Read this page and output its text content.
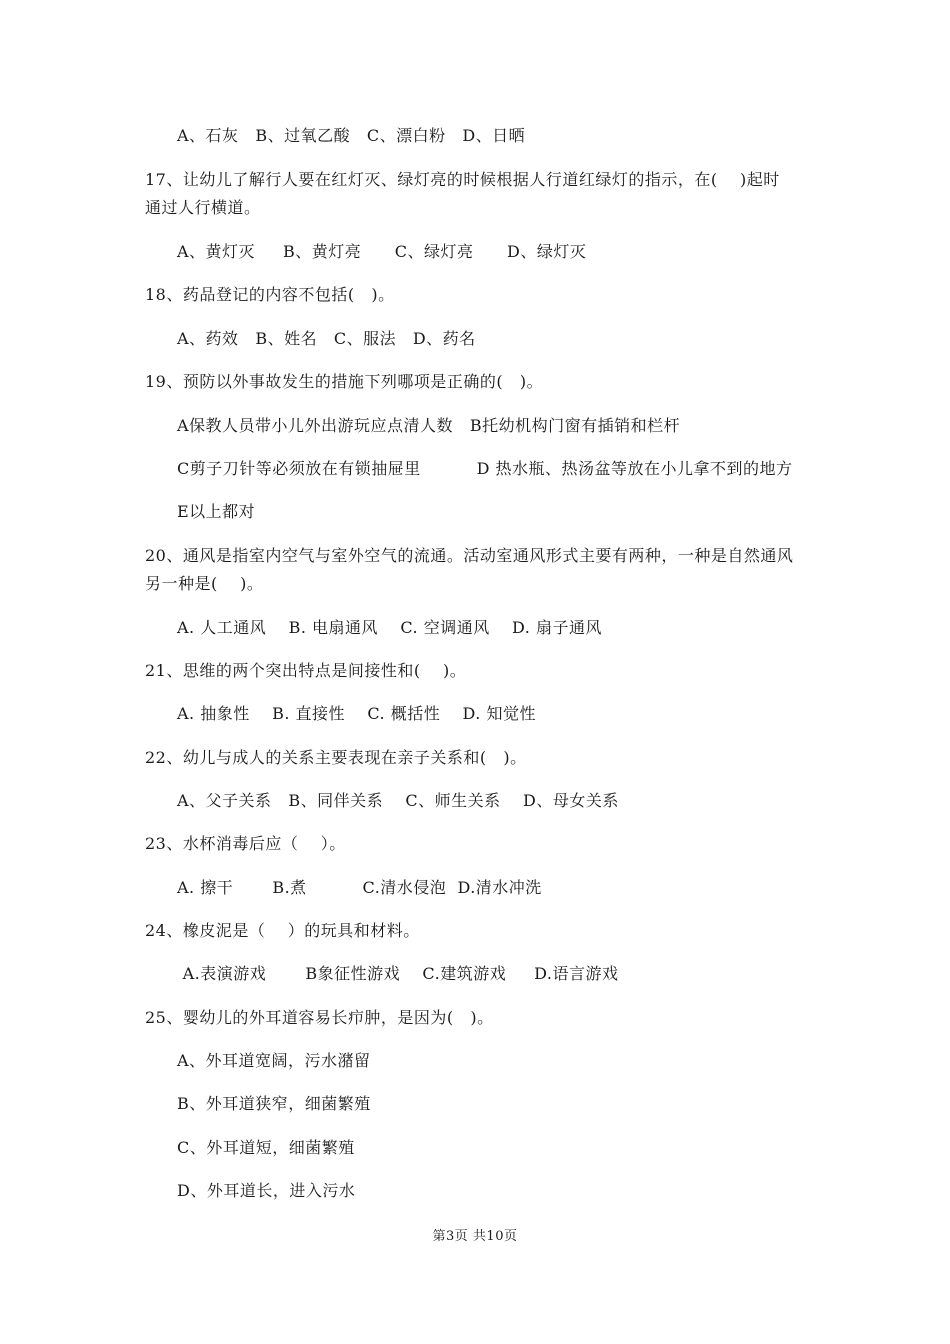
A、石灰   B、过氧乙酸   C、漂白粉   D、日晒
17、让幼儿了解行人要在红灯灭、绿灯亮的时候根据人行道红绿灯的指示，在(    )起时
通过人行横道。
A、黄灯灭     B、黄灯亮      C、绿灯亮      D、绿灯灭
18、药品登记的内容不包括(   )。
A、药效   B、姓名   C、服法   D、药名
19、预防以外事故发生的措施下列哪项是正确的(   )。
A保教人员带小儿外出游玩应点清人数   B托幼机构门窗有插销和栏杆
C剪子刀针等必须放在有锁抽屉里          D 热水瓶、热汤盆等放在小儿拿不到的地方
E以上都对
20、通风是指室内空气与室外空气的流通。活动室通风形式主要有两种，一种是自然通风
另一种是(    )。
A. 人工通风    B. 电扇通风    C. 空调通风    D. 扇子通风
21、思维的两个突出特点是间接性和(    )。
A. 抽象性    B. 直接性    C. 概括性    D. 知觉性
22、幼儿与成人的关系主要表现在亲子关系和(   )。
A、父子关系   B、同伴关系    C、师生关系    D、母女关系
23、水杯消毒后应（    ）。
A. 擦干       B.煮          C.清水侵泡  D.清水冲洗
24、橡皮泥是（    ）的玩具和材料。
A.表演游戏       B象征性游戏    C.建筑游戏     D.语言游戏
25、婴幼儿的外耳道容易长疖肿，是因为(   )。
A、外耳道宽阔，污水潴留
B、外耳道狭窄，细菌繁殖
C、外耳道短，细菌繁殖
D、外耳道长，进入污水
第3页 共10页
